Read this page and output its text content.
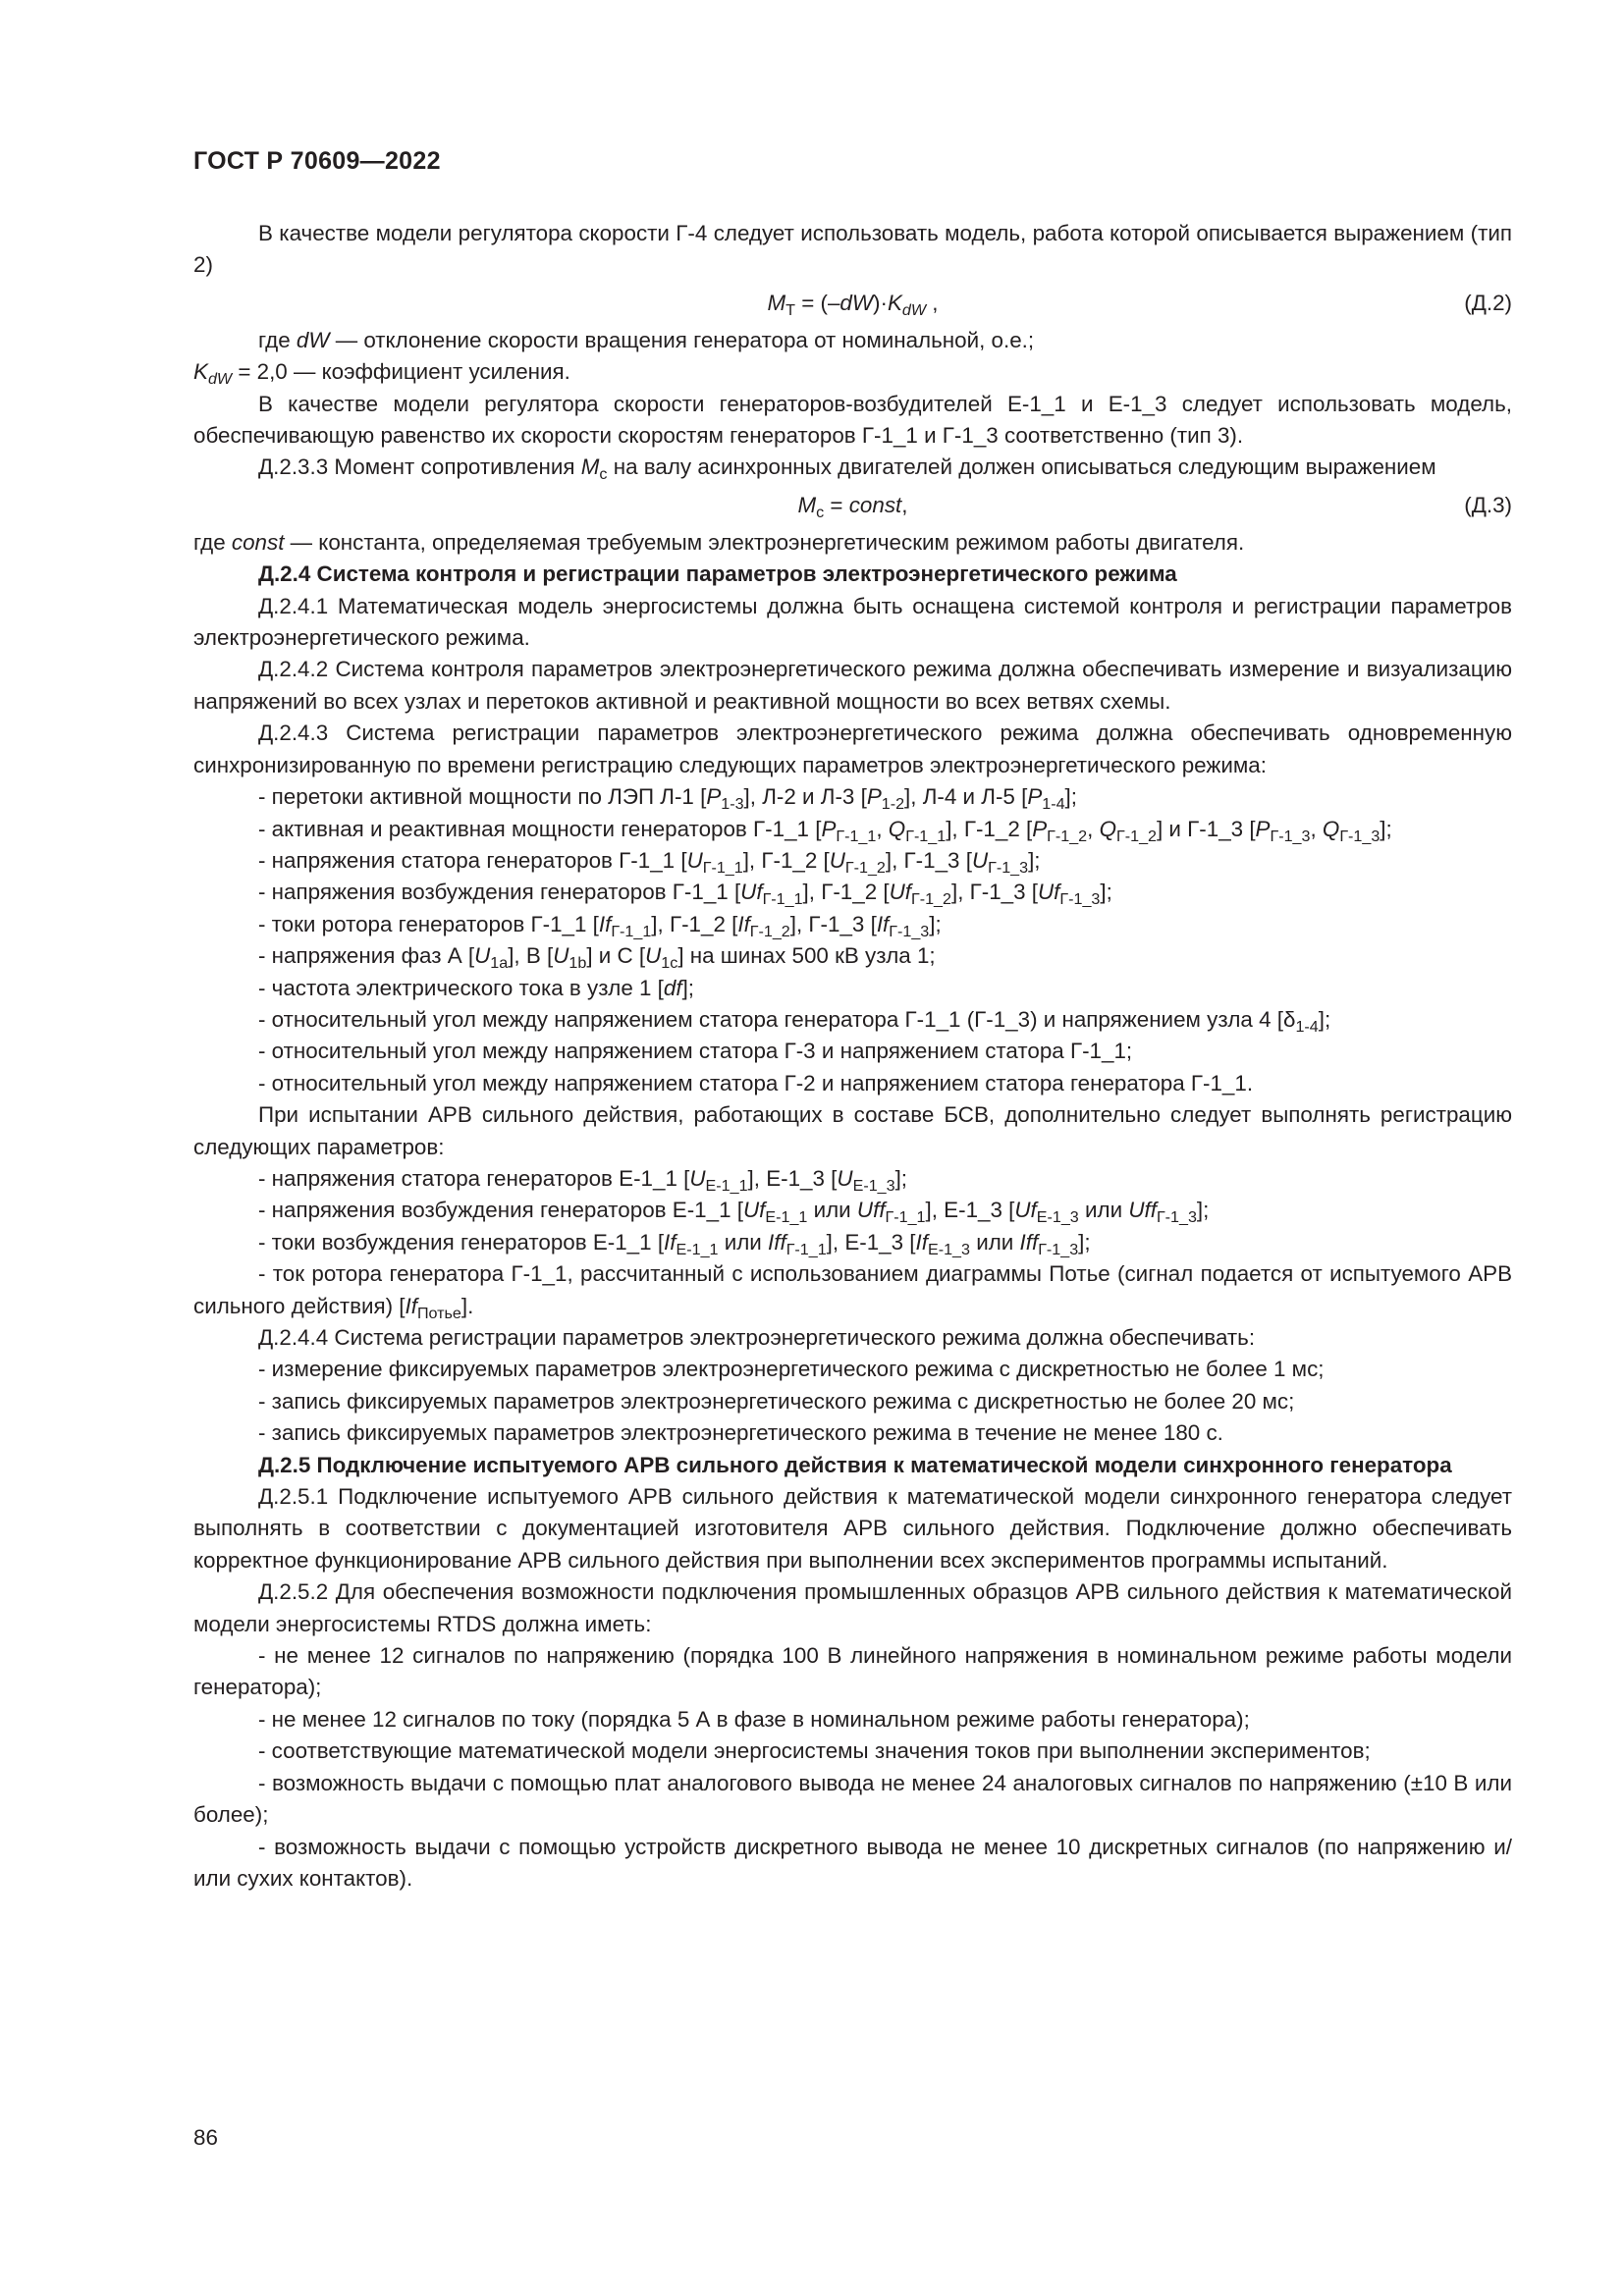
ГОСТ Р 70609—2022

В качестве модели регулятора скорости Г-4 следует использовать модель, работа которой описывается выражением (тип 2)

$M_T = (-dW)\cdot K_{dW}$ ,	(Д.2)

где dW — отклонение скорости вращения генератора от номинальной, о.е.;

$K_{dW} = 2,0$ — коэффициент усиления.

В качестве модели регулятора скорости генераторов-возбудителей Е-1_1 и Е-1_3 следует использовать модель, обеспечивающую равенство их скорости скоростям генераторов Г-1_1 и Г-1_3 соответственно (тип 3).

Д.2.3.3 Момент сопротивления $M_c$ на валу асинхронных двигателей должен описываться следующим выражением

$M_c$ = const,	(Д.3)

где const — константа, определяемая требуемым электроэнергетическим режимом работы двигателя.

Д.2.4 Система контроля и регистрации параметров электроэнергетического режима

Д.2.4.1 Математическая модель энергосистемы должна быть оснащена системой контроля и регистрации параметров электроэнергетического режима.

Д.2.4.2 Система контроля параметров электроэнергетического режима должна обеспечивать измерение и визуализацию напряжений во всех узлах и перетоков активной и реактивной мощности во всех ветвях схемы.

Д.2.4.3 Система регистрации параметров электроэнергетического режима должна обеспечивать одновременную синхронизированную по времени регистрацию следующих параметров электроэнергетического режима:

- перетоки активной мощности по ЛЭП Л-1 $[P_{1-3}]$, Л-2 и Л-3 $[P_{1-2}]$, Л-4 и Л-5 $[P_{1-4}]$;

- активная и реактивная мощности генераторов Г-1_1 [$P_{Г-1\_1}$, $Q_{Г-1\_1}$], Г-1_2 [$P_{Г-1\_2}$, $Q_{Г-1\_2}$] и Г-1_3 [$P_{Г-1\_3}$, $Q_{Г-1\_3}$];

- напряжения статора генераторов Г-1_1 $[U_{Г-1\_1}]$, Г-1_2 $[U_{Г-1\_2}]$, Г-1_3 $[U_{Г-1\_3}]$;

- напряжения возбуждения генераторов Г-1_1 $[Uf_{Г-1\_1}]$, Г-1_2 $[Uf_{Г-1\_2}]$, Г-1_3 $[Uf_{Г-1\_3}]$;

- токи ротора генераторов Г-1_1 $[If_{Г-1\_1}]$, Г-1_2 $[If_{Г-1\_2}]$, Г-1_3 $[If_{Г-1\_3}]$;

- напряжения фаз А $[U_{1a}]$, В $[U_{1b}]$ и С $[U_{1c}]$ на шинах 500 кВ узла 1;

- частота электрического тока в узле 1 [df];

- относительный угол между напряжением статора генератора Г-1_1 (Г-1_3) и напряжением узла 4 $[\delta_{1-4}]$;

- относительный угол между напряжением статора Г-3 и напряжением статора Г-1_1;

- относительный угол между напряжением статора Г-2 и напряжением статора генератора Г-1_1.

При испытании АРВ сильного действия, работающих в составе БСВ, дополнительно следует выполнять регистрацию следующих параметров:

- напряжения статора генераторов Е-1_1 $[U_{Е-1\_1}]$, Е-1_3 $[U_{Е-1\_3}]$;

- напряжения возбуждения генераторов Е-1_1 [$Uf_{Е-1\_1}$ или Uff$_{Г-1\_1}$], Е-1_3 [$Uf_{Е-1\_3}$ или Uff$_{Г-1\_3}$];

- токи возбуждения генераторов Е-1_1 [$If_{Е-1\_1}$ или Iff$_{Г-1\_1}$], Е-1_3 [$If_{Е-1\_3}$ или Iff$_{Г-1\_3}$];

- ток ротора генератора Г-1_1, рассчитанный с использованием диаграммы Потье (сигнал подается от испытуемого АРВ сильного действия) $[If_{Потье}]$.

Д.2.4.4 Система регистрации параметров электроэнергетического режима должна обеспечивать:

- измерение фиксируемых параметров электроэнергетического режима с дискретностью не более 1 мс;

- запись фиксируемых параметров электроэнергетического режима с дискретностью не более 20 мс;

- запись фиксируемых параметров электроэнергетического режима в течение не менее 180 с.

Д.2.5 Подключение испытуемого АРВ сильного действия к математической модели синхронного генератора

Д.2.5.1 Подключение испытуемого АРВ сильного действия к математической модели синхронного генератора следует выполнять в соответствии с документацией изготовителя АРВ сильного действия. Подключение должно обеспечивать корректное функционирование АРВ сильного действия при выполнении всех экспериментов программы испытаний.

Д.2.5.2 Для обеспечения возможности подключения промышленных образцов АРВ сильного действия к математической модели энергосистемы RTDS должна иметь:

- не менее 12 сигналов по напряжению (порядка 100 В линейного напряжения в номинальном режиме работы модели генератора);

- не менее 12 сигналов по току (порядка 5 А в фазе в номинальном режиме работы генератора);

- соответствующие математической модели энергосистемы значения токов при выполнении экспериментов;

- возможность выдачи с помощью плат аналогового вывода не менее 24 аналоговых сигналов по напряжению (±10 В или более);

- возможность выдачи с помощью устройств дискретного вывода не менее 10 дискретных сигналов (по напряжению и/или сухих контактов).

86
